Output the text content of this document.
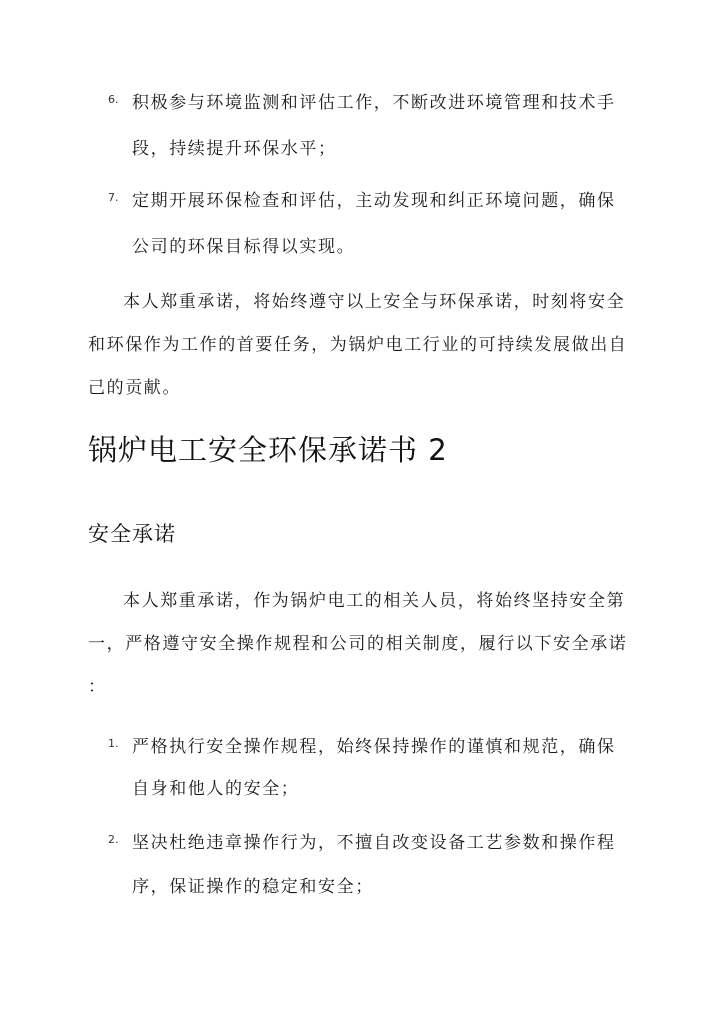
6. 积极参与环境监测和评估工作，不断改进环境管理和技术手
段，持续提升环保水平；
7. 定期开展环保检查和评估，主动发现和纠正环境问题，确保
公司的环保目标得以实现。
本人郑重承诺，将始终遵守以上安全与环保承诺，时刻将安全
和环保作为工作的首要任务，为锅炉电工行业的可持续发展做出自
己的贡献。
锅炉电工安全环保承诺书 2
安全承诺
本人郑重承诺，作为锅炉电工的相关人员，将始终坚持安全第
一，严格遵守安全操作规程和公司的相关制度，履行以下安全承诺
：
1. 严格执行安全操作规程，始终保持操作的谨慎和规范，确保
自身和他人的安全；
2. 坚决杜绝违章操作行为，不擅自改变设备工艺参数和操作程
序，保证操作的稳定和安全；
